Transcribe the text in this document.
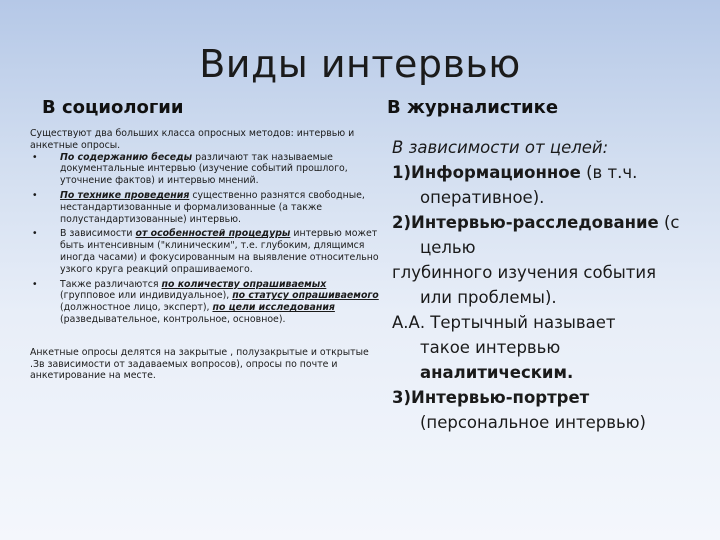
Виды интервью
В социологии	В журналистике

Существуют два больших класса опросных методов: интервью и анкетные опросы.

• По содержанию беседы различают так называемые документальные интервью (изучение событий прошлого, уточнение фактов) и интервью мнений.
• По технике проведения существенно разнятся свободные, нестандартизованные и формализованные (а также полустандартизованные) интервью.
• В зависимости от особенностей процедуры интервью может быть интенсивным ("клиническим", т.е. глубоким, длящимся иногда часами) и фокусированным на выявление относительно узкого круга реакций опрашиваемого.
• Также различаются по количеству опрашиваемых (групповое или индивидуальное), по статусу опрашиваемого (должностное лицо, эксперт), по цели исследования (разведывательное, контрольное, основное).

Анкетные опросы делятся на закрытые , полузакрытые и открытые .Зв зависимости от задаваемых вопросов), опросы по почте и анкетирование на месте.

В зависимости от целей:
1)Информационное (в т.ч.
оперативное).
2)Интервью-расследование (с
целью
глубинного изучения события
или проблемы).
А.А. Тертычный называет
такое интервью
аналитическим.
3)Интервью-портрет
(персональное интервью)
